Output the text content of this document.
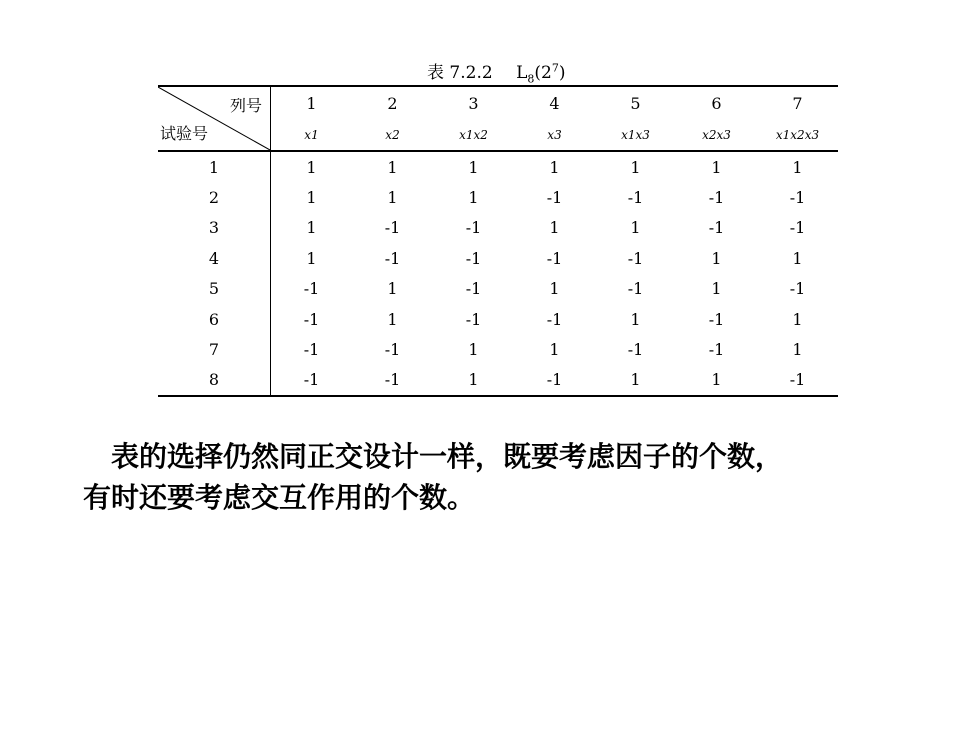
表 7.2.2 $L_8(2^7)$
列号
试验号	1	2	3	4	5	6	7
	x1	x2	x1x2	x3	x1x3	x2x3	x1x2x3
1	1	1	1	1	1	1	1
2	1	1	1	-1	-1	-1	-1
3	1	-1	-1	1	1	-1	-1
4	1	-1	-1	-1	-1	1	1
5	-1	1	-1	1	-1	1	-1
6	-1	1	-1	-1	1	-1	1
7	-1	-1	1	1	-1	-1	1
8	-1	-1	1	-1	1	1	-1
表的选择仍然同正交设计一样，既要考虑因子的个数，
有时还要考虑交互作用的个数。
